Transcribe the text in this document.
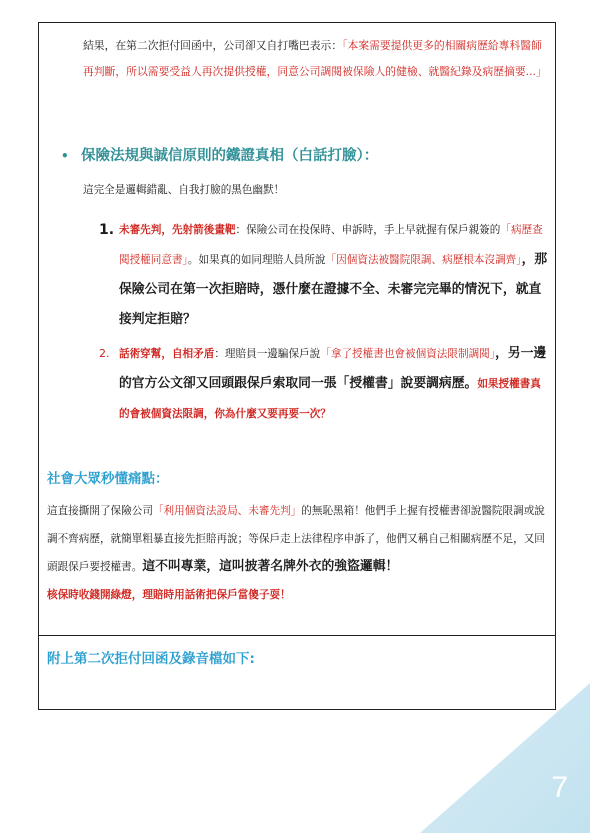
結果，在第二次拒付回函中，公司卻又自打嘴巴表示：「本案需要提供更多的相關病歷給專科醫師再判斷，所以需要受益人再次提供授權，同意公司調閱被保險人的健檢、就醫紀錄及病歷摘要...」
• 保險法規與誠信原則的鐵證真相（白話打臉）：
這完全是邏輯錯亂、自我打臉的黑色幽默！
1. 未審先判，先射箭後畫靶：保險公司在投保時、申訴時，手上早就握有保戶親簽的「病歷查閱授權同意書」。如果真的如同理賠人員所說「因個資法被醫院限調、病歷根本沒調齊」，那保險公司在第一次拒賠時，憑什麼在證據不全、未審完完畢的情況下，就直接判定拒賠？
2. 話術穿幫，自相矛盾：理賠員一邊騙保戶說「拿了授權書也會被個資法限制調閱」，另一邊的官方公文卻又回頭跟保戶索取同一張「授權書」說要調病歷。如果授權書真的會被個資法限調，你為什麼又要再要一次？
社會大眾秒懂痛點：
這直接撕開了保險公司「利用個資法設局、未審先判」的無恥黑箱！他們手上握有授權書卻說醫院限調或說調不齊病歷，就簡單粗暴直接先拒賠再說；等保戶走上法律程序申訴了，他們又稱自己相關病歷不足，又回頭跟保戶要授權書。這不叫專業，這叫披著名牌外衣的強盜邏輯！
核保時收錢開綠燈，理賠時用話術把保戶當傻子耍！
附上第二次拒付回函及錄音檔如下:
7
